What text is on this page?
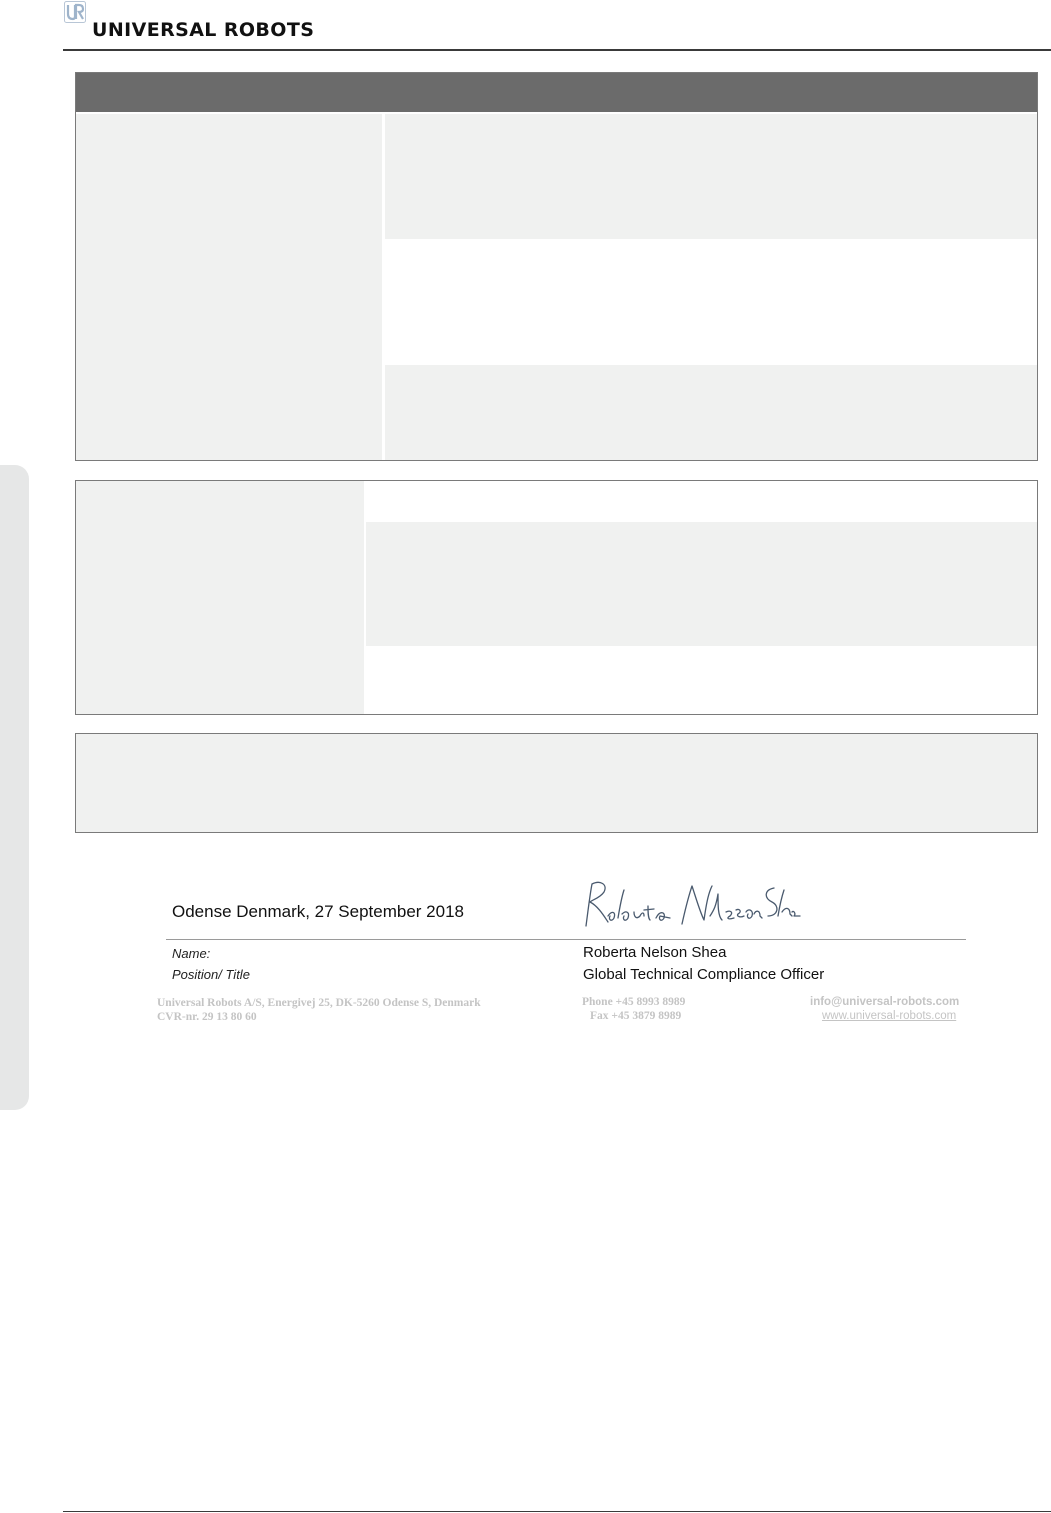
UNIVERSAL ROBOTS
Odense Denmark, 27 September 2018
Name:
Position/ Title
Roberta Nelson Shea
Global Technical Compliance Officer
Universal Robots A/S, Energivej 25, DK-5260 Odense S, Denmark
CVR-nr. 29 13 80 60
Phone +45 8993 8989
Fax +45 3879 8989
info@universal-robots.com
www.universal-robots.com
